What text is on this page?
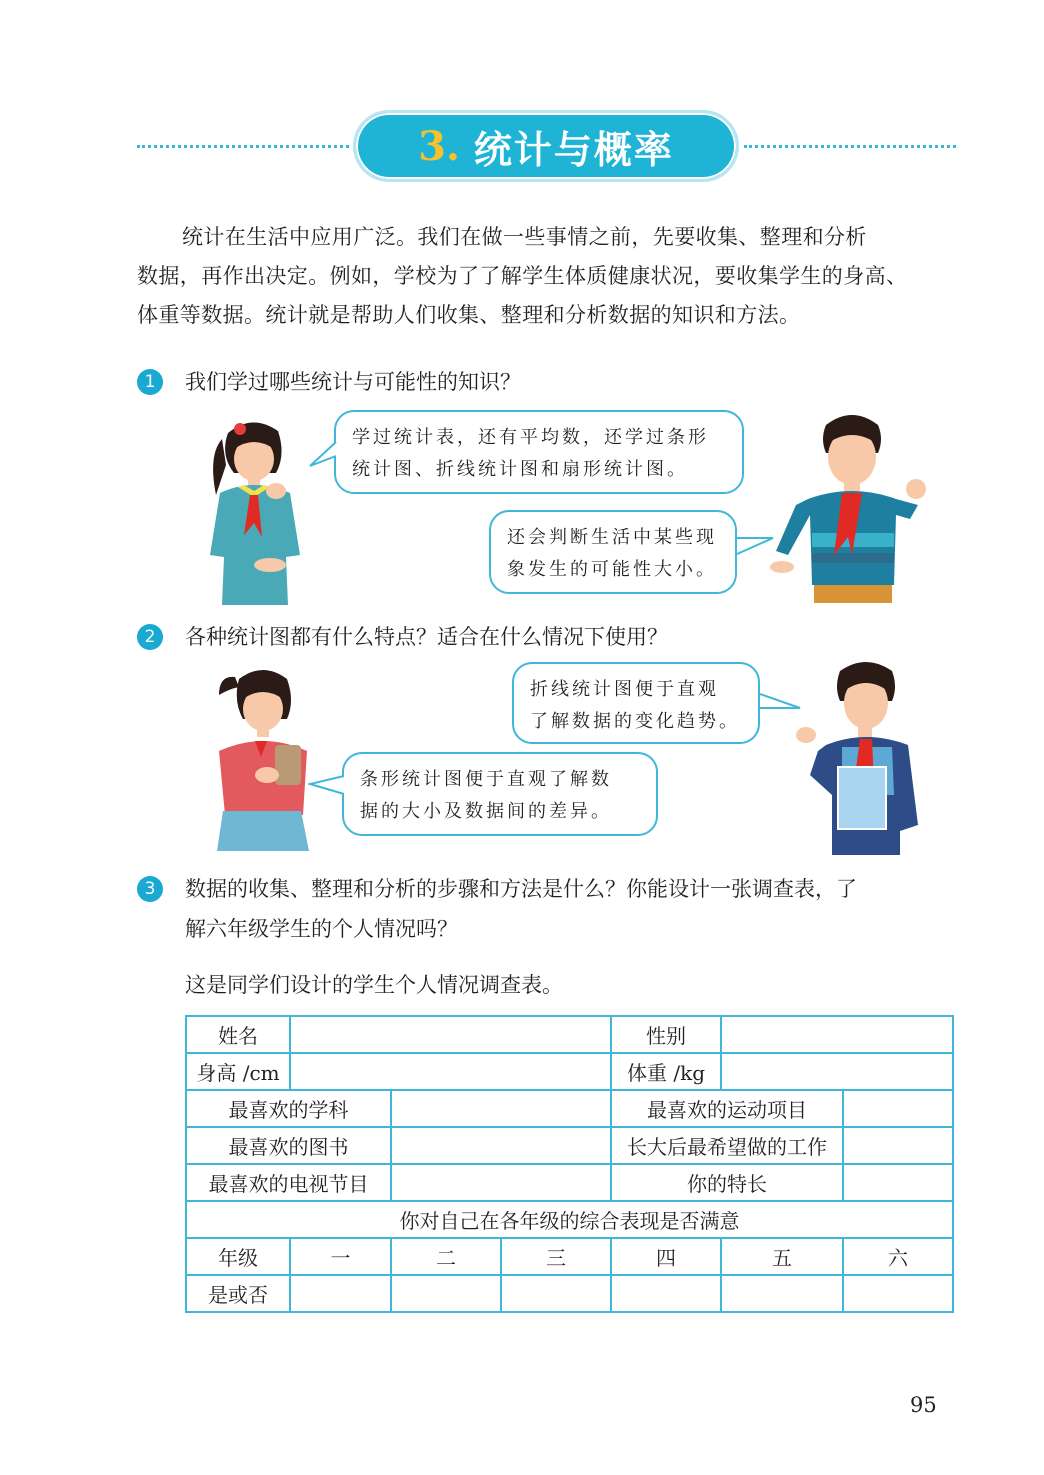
3. 统计与概率

统计在生活中应用广泛。我们在做一些事情之前，先要收集、整理和分析

数据，再作出决定。例如，学校为了了解学生体质健康状况，要收集学生的身高、

体重等数据。统计就是帮助人们收集、整理和分析数据的知识和方法。

1	我们学过哪些统计与可能性的知识？
学过统计表，还有平均数，还学过条形
统计图、折线统计图和扇形统计图。
还会判断生活中某些现
象发生的可能性大小。
2	各种统计图都有什么特点？适合在什么情况下使用？
折线统计图便于直观
了解数据的变化趋势。
条形统计图便于直观了解数
据的大小及数据间的差异。
3	数据的收集、整理和分析的步骤和方法是什么？你能设计一张调查表，了
解六年级学生的个人情况吗？
这是同学们设计的学生个人情况调查表。
姓名				性别		
身高 /cm				体重 /kg		
最喜欢的学科				最喜欢的运动项目		
最喜欢的图书				长大后最希望做的工作		
最喜欢的电视节目				你的特长		
你对自己在各年级的综合表现是否满意						
年级	一	二	三	四	五	六
是或否						
95
